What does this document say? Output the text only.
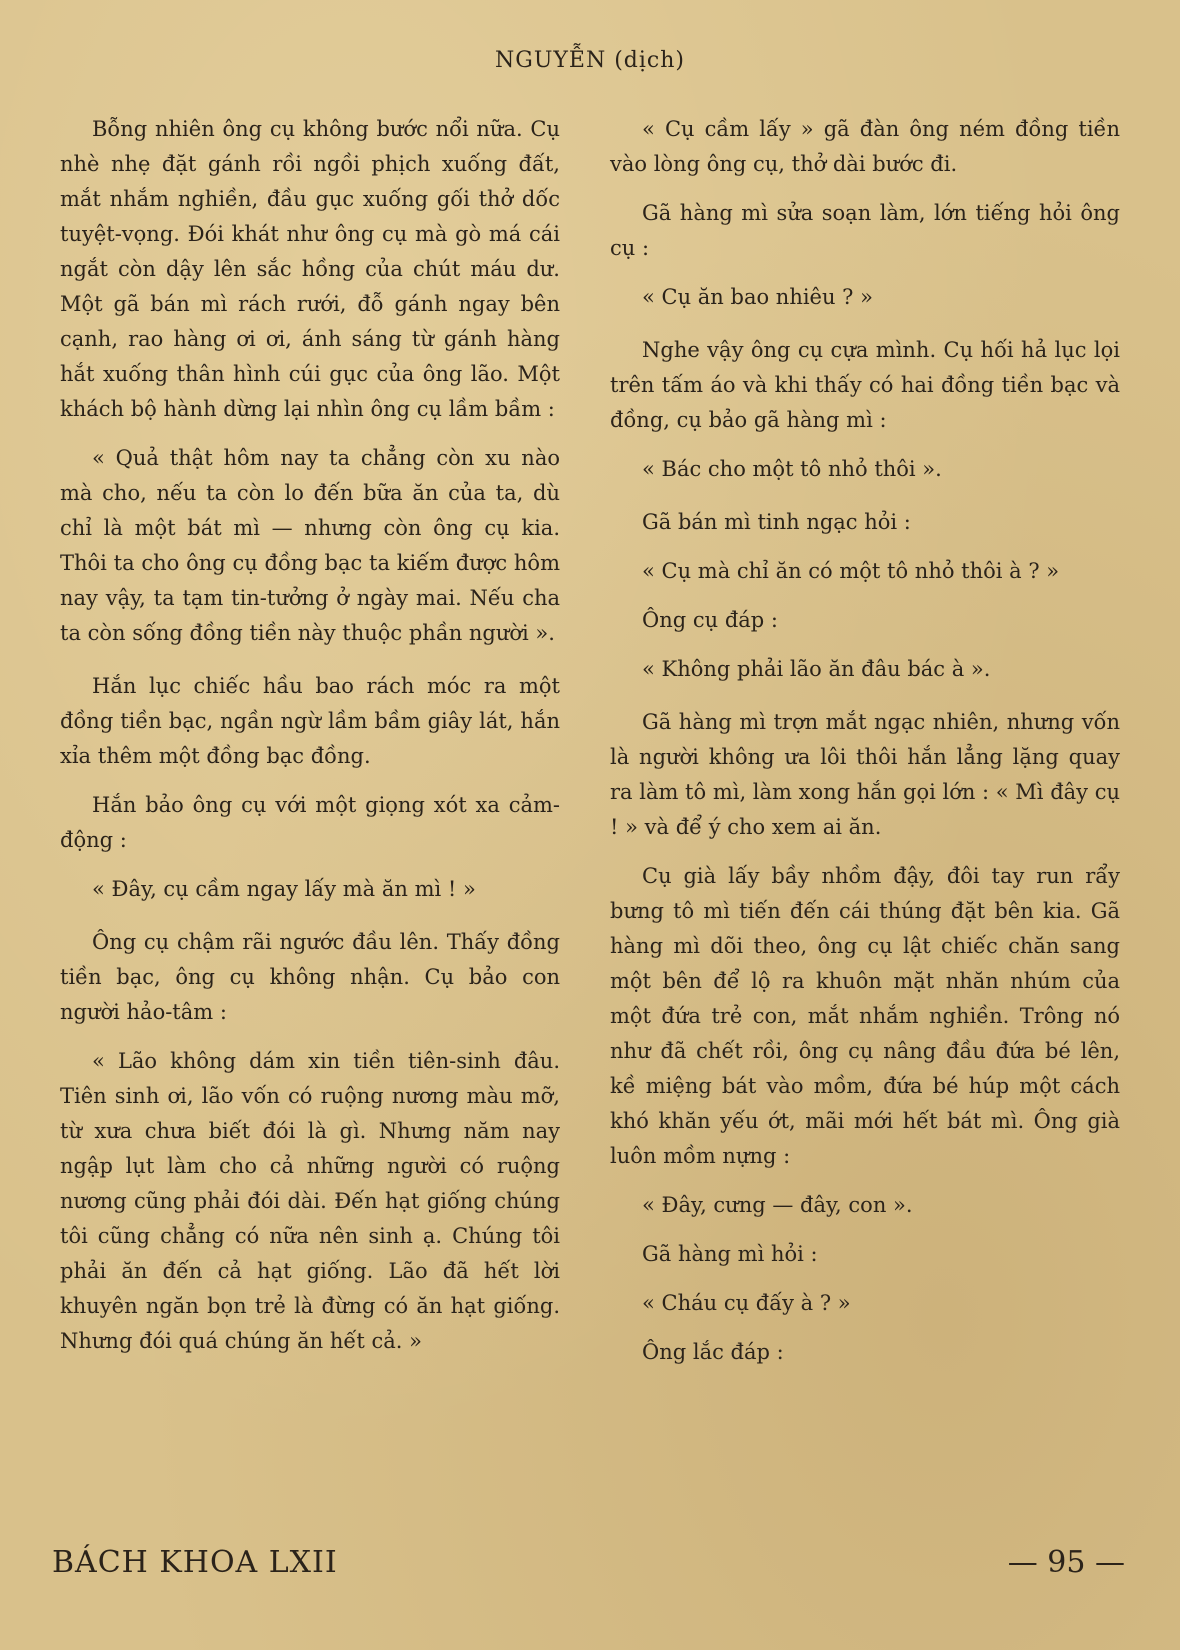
NGUYỄN (dịch)

Bỗng nhiên ông cụ không bước nổi nữa. Cụ nhè nhẹ đặt gánh rồi ngồi phịch xuống đất, mắt nhắm nghiền, đầu gục xuống gối thở dốc tuyệt-vọng. Đói khát như ông cụ mà gò má cái ngắt còn dậy lên sắc hồng của chút máu dư. Một gã bán mì rách rưới, đỗ gánh ngay bên cạnh, rao hàng ơi ơi, ánh sáng từ gánh hàng hắt xuống thân hình cúi gục của ông lão. Một khách bộ hành dừng lại nhìn ông cụ lầm bầm :

« Quả thật hôm nay ta chẳng còn xu nào mà cho, nếu ta còn lo đến bữa ăn của ta, dù chỉ là một bát mì — nhưng còn ông cụ kia. Thôi ta cho ông cụ đồng bạc ta kiếm được hôm nay vậy, ta tạm tin-tưởng ở ngày mai. Nếu cha ta còn sống đồng tiền này thuộc phần người ».

Hắn lục chiếc hầu bao rách móc ra một đồng tiền bạc, ngần ngừ lầm bầm giây lát, hắn xỉa thêm một đồng bạc đồng.

Hắn bảo ông cụ với một giọng xót xa cảm-động :

« Đây, cụ cầm ngay lấy mà ăn mì ! »

Ông cụ chậm rãi ngước đầu lên. Thấy đồng tiền bạc, ông cụ không nhận. Cụ bảo con người hảo-tâm :

« Lão không dám xin tiền tiên-sinh đâu. Tiên sinh ơi, lão vốn có ruộng nương màu mỡ, từ xưa chưa biết đói là gì. Nhưng năm nay ngập lụt làm cho cả những người có ruộng nương cũng phải đói dài. Đến hạt giống chúng tôi cũng chẳng có nữa nên sinh ạ. Chúng tôi phải ăn đến cả hạt giống. Lão đã hết lời khuyên ngăn bọn trẻ là đừng có ăn hạt giống. Nhưng đói quá chúng ăn hết cả. »

« Cụ cầm lấy » gã đàn ông ném đồng tiền vào lòng ông cụ, thở dài bước đi.

Gã hàng mì sửa soạn làm, lớn tiếng hỏi ông cụ :

« Cụ ăn bao nhiêu ? »

Nghe vậy ông cụ cựa mình. Cụ hối hả lục lọi trên tấm áo và khi thấy có hai đồng tiền bạc và đồng, cụ bảo gã hàng mì :

« Bác cho một tô nhỏ thôi ».

Gã bán mì tinh ngạc hỏi :

« Cụ mà chỉ ăn có một tô nhỏ thôi à ? »

Ông cụ đáp :

« Không phải lão ăn đâu bác à ».

Gã hàng mì trợn mắt ngạc nhiên, nhưng vốn là người không ưa lôi thôi hắn lẳng lặng quay ra làm tô mì, làm xong hắn gọi lớn : « Mì đây cụ ! » và để ý cho xem ai ăn.

Cụ già lấy bầy nhồm đậy, đôi tay run rẩy bưng tô mì tiến đến cái thúng đặt bên kia. Gã hàng mì dõi theo, ông cụ lật chiếc chăn sang một bên để lộ ra khuôn mặt nhăn nhúm của một đứa trẻ con, mắt nhắm nghiền. Trông nó như đã chết rồi, ông cụ nâng đầu đứa bé lên, kề miệng bát vào mồm, đứa bé húp một cách khó khăn yếu ớt, mãi mới hết bát mì. Ông già luôn mồm nựng :

« Đây, cưng — đây, con ».

Gã hàng mì hỏi :

« Cháu cụ đấy à ? »

Ông lắc đáp :

BÁCH KHOA LXII	— 95 —
